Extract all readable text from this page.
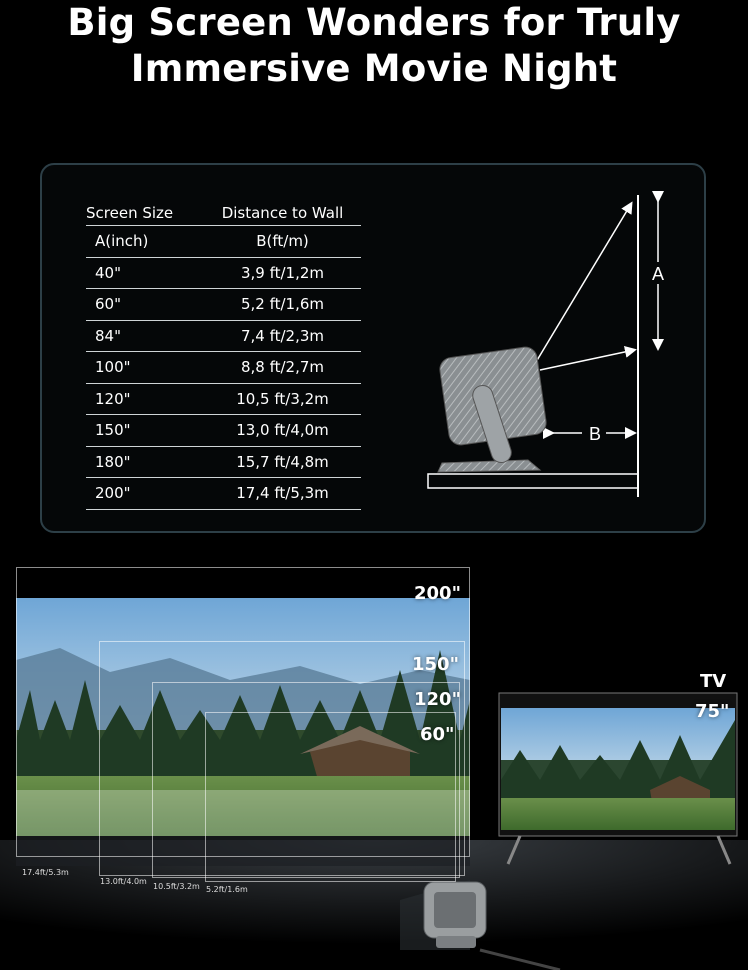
Big Screen Wonders for Truly
Immersive Movie Night
Screen Size	Distance to Wall
A(inch)	B(ft/m)
40"	3,9 ft/1,2m
60"	5,2 ft/1,6m
84"	7,4 ft/2,3m
100"	8,8 ft/2,7m
120"	10,5 ft/3,2m
150"	13,0 ft/4,0m
180"	15,7 ft/4,8m
200"	17,4 ft/5,3m
A
B
200"
150"
120"
60"
TV
75"
17.4ft/5.3m
13.0ft/4.0m
10.5ft/3.2m 5.2ft/1.6m
